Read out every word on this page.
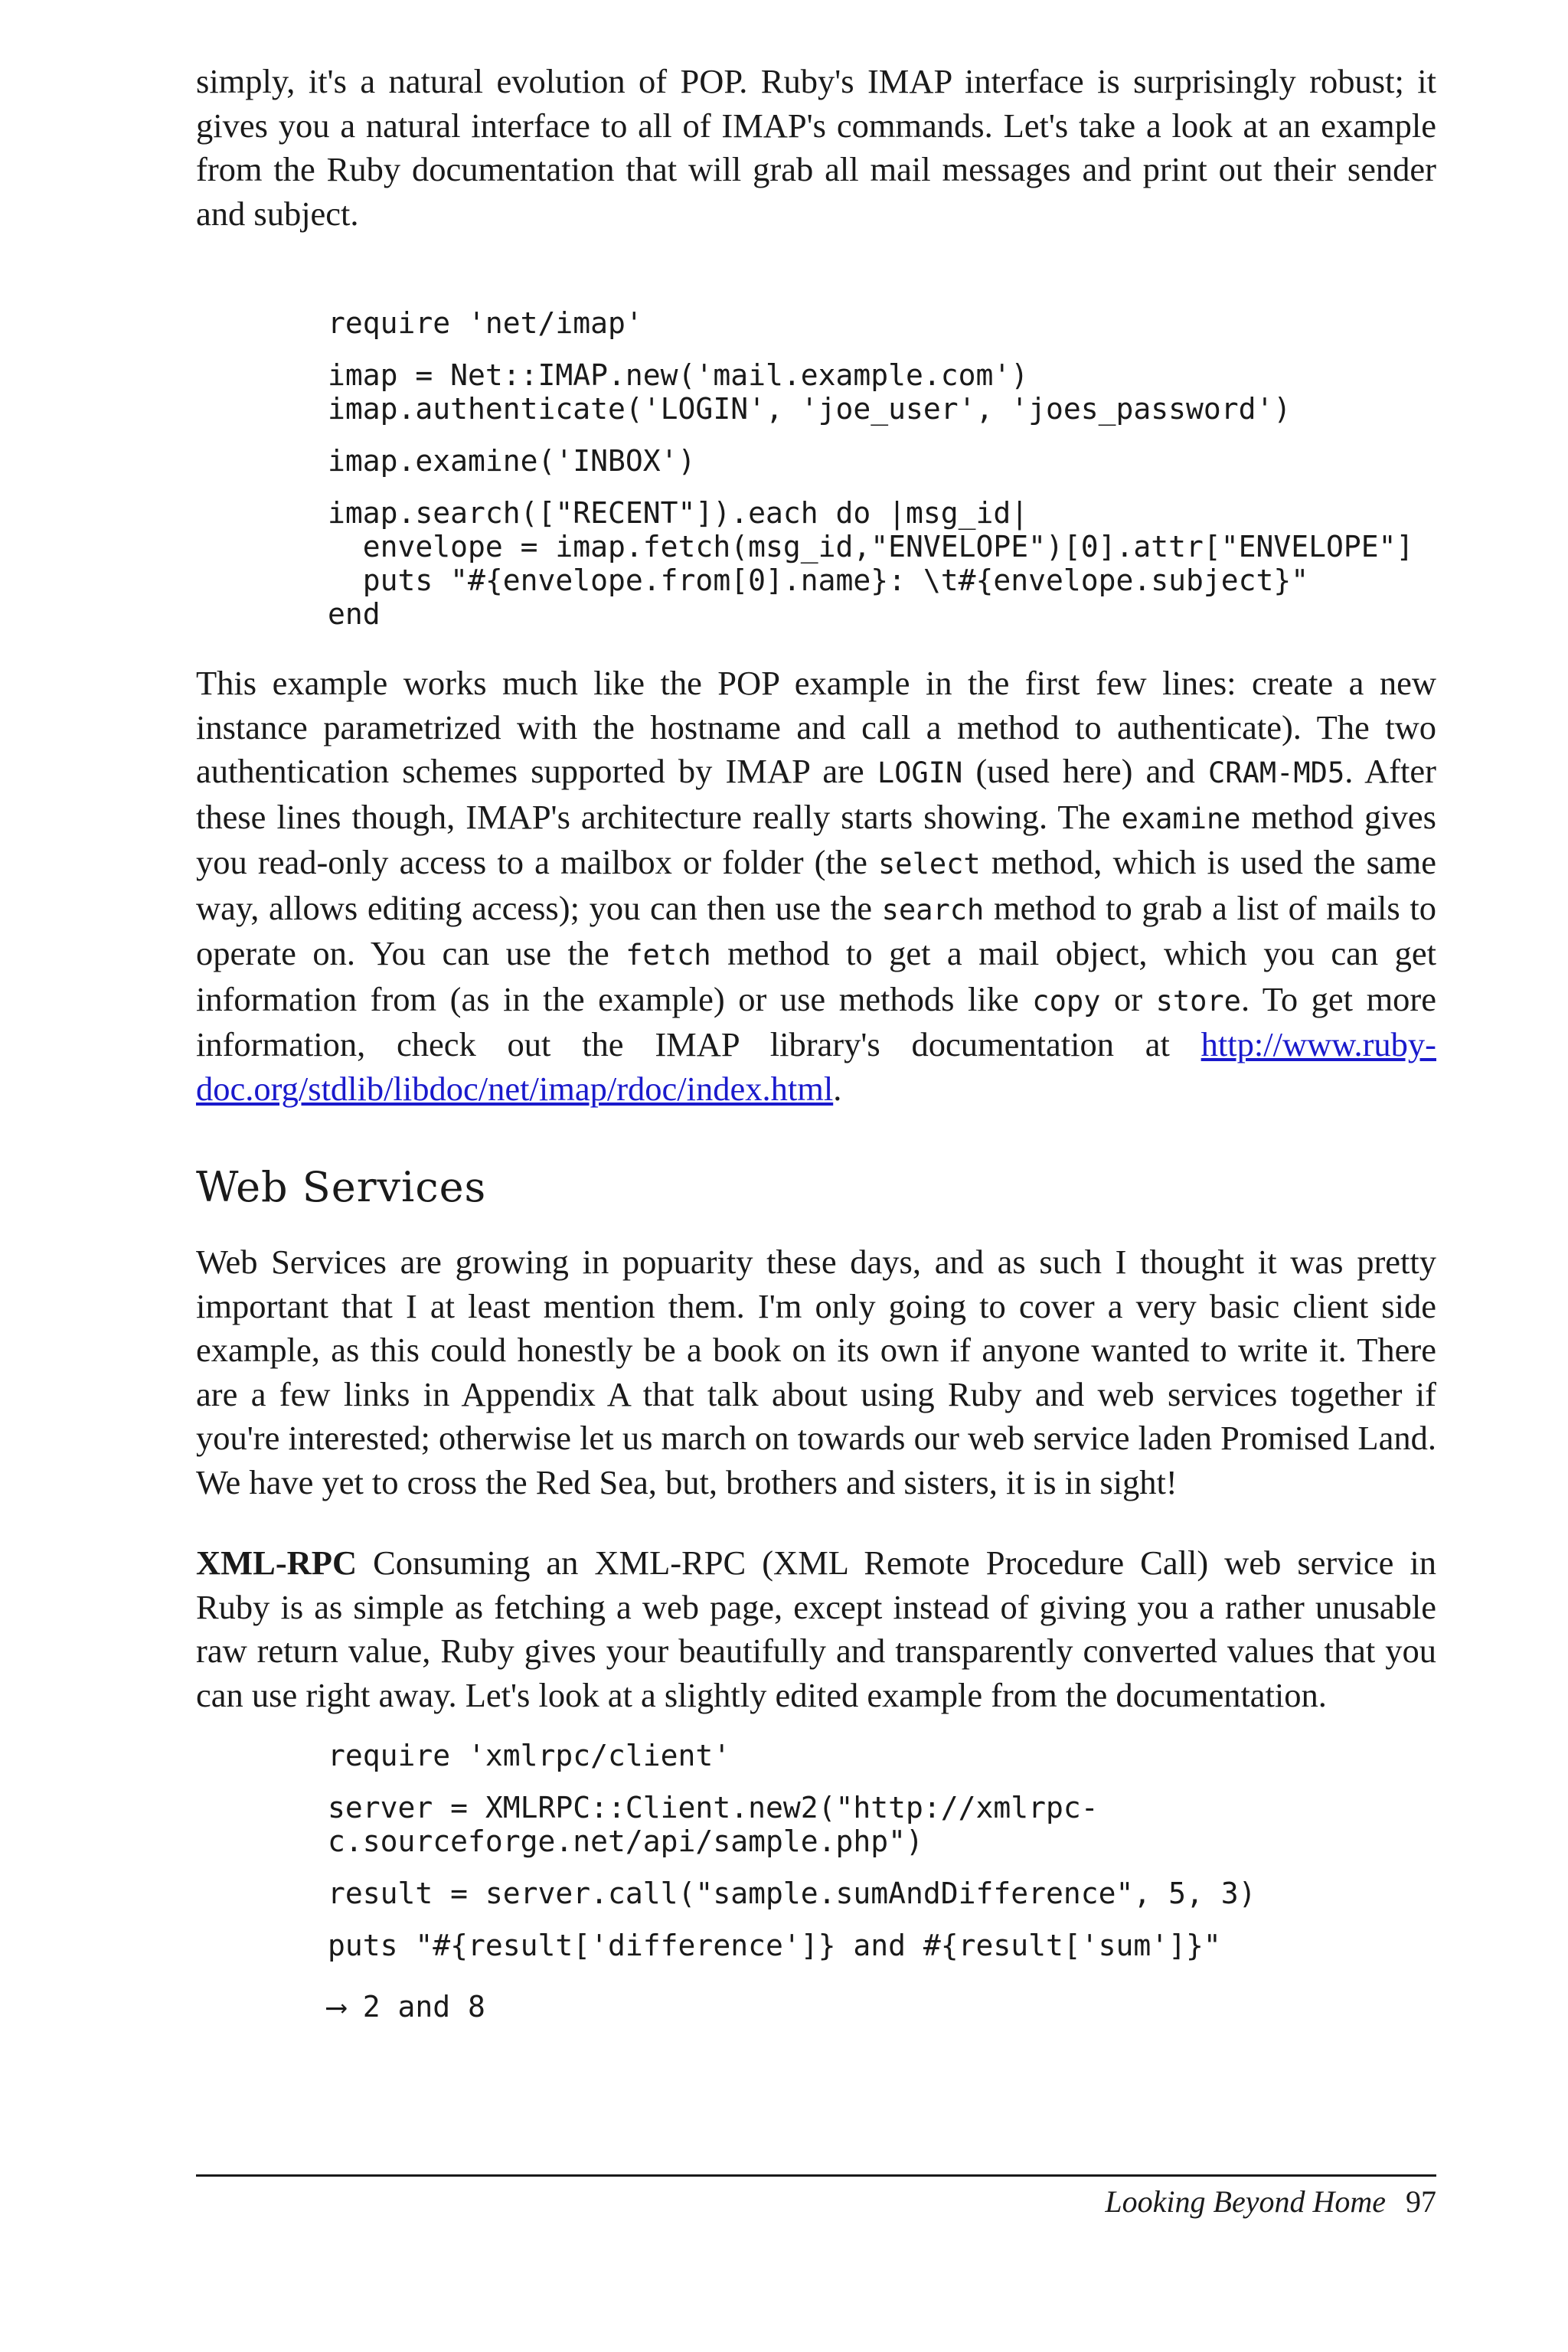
simply, it's a natural evolution of POP. Ruby's IMAP interface is surprisingly robust; it gives you a natural interface to all of IMAP's commands. Let's take a look at an example from the Ruby documentation that will grab all mail messages and print out their sender and subject.

require 'net/imap'
imap = Net::IMAP.new('mail.example.com')
imap.authenticate('LOGIN', 'joe_user', 'joes_password')
imap.examine('INBOX')
imap.search(["RECENT"]).each do |msg_id|
envelope = imap.fetch(msg_id,"ENVELOPE")[0].attr["ENVELOPE"]
puts "#{envelope.from[0].name}: \t#{envelope.subject}"
end

This example works much like the POP example in the first few lines: create a new instance parametrized with the hostname and call a method to authenticate). The two authentication schemes supported by IMAP are LOGIN (used here) and CRAM-MD5. After these lines though, IMAP's architecture really starts showing. The examine method gives you read-only access to a mailbox or folder (the select method, which is used the same way, allows editing access); you can then use the search method to grab a list of mails to operate on. You can use the fetch method to get a mail object, which you can get information from (as in the example) or use methods like copy or store. To get more information, check out the IMAP library's documentation at http://www.ruby-doc.org/stdlib/libdoc/net/imap/rdoc/index.html.

Web Services

Web Services are growing in popuarity these days, and as such I thought it was pretty important that I at least mention them. I'm only going to cover a very basic client side example, as this could honestly be a book on its own if anyone wanted to write it. There are a few links in Appendix A that talk about using Ruby and web services together if you're interested; otherwise let us march on towards our web service laden Promised Land. We have yet to cross the Red Sea, but, brothers and sisters, it is in sight!

XML-RPC Consuming an XML-RPC (XML Remote Procedure Call) web service in Ruby is as simple as fetching a web page, except instead of giving you a rather unusable raw return value, Ruby gives your beautifully and transparently converted values that you can use right away. Let's look at a slightly edited example from the documentation.

require 'xmlrpc/client'
server = XMLRPC::Client.new2("http://xmlrpc-
c.sourceforge.net/api/sample.php")
result = server.call("sample.sumAndDifference", 5, 3)
puts "#{result['difference']} and #{result['sum']}"
⟶ 2 and 8
Looking Beyond Home 97
